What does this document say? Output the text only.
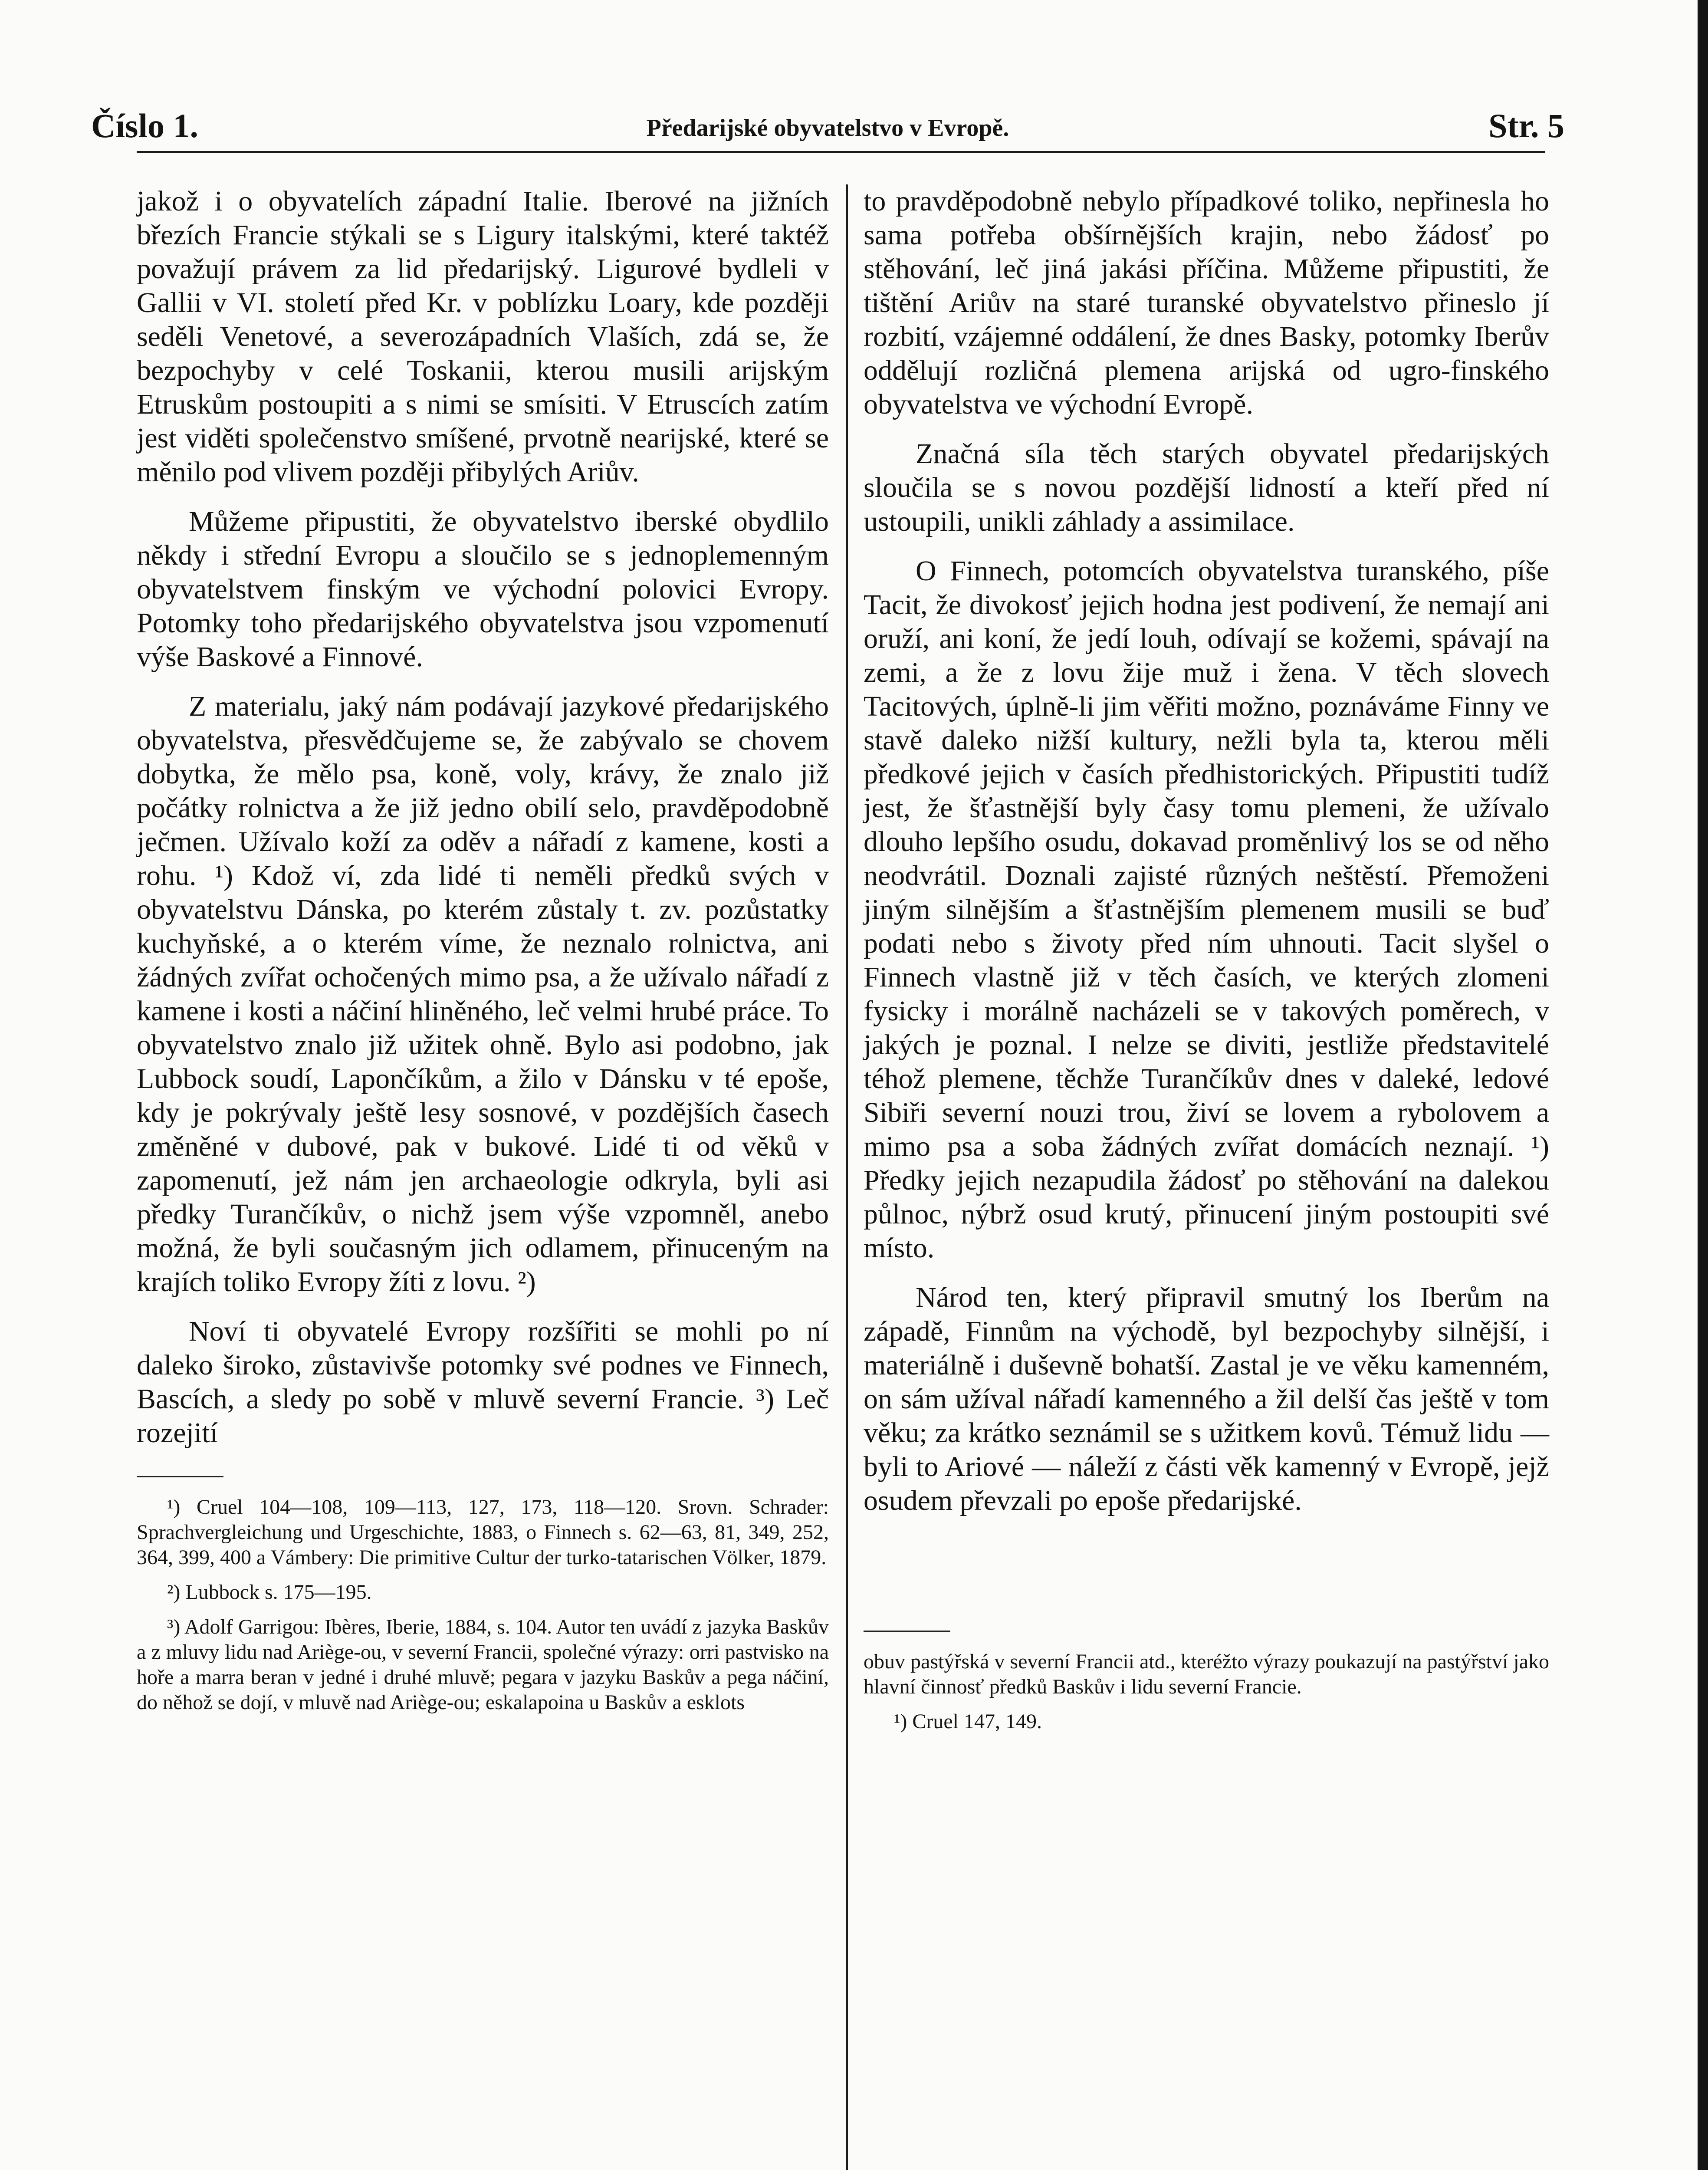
Číslo 1.	Předarijské obyvatelstvo v Evropě.	Str. 5

jakož i o obyvatelích západní Italie. Iberové na jižních březích Francie stýkali se s Ligury italskými, které taktéž považují právem za lid předarijský. Ligurové bydleli v Gallii v VI. století před Kr. v poblízku Loary, kde později seděli Venetové, a severozápadních Vlaších, zdá se, že bezpochyby v celé Toskanii, kterou musili arijským Etruskům postoupiti a s nimi se smísiti. V Etruscích zatím jest viděti společenstvo smíšené, prvotně nearijské, které se měnilo pod vlivem později přibylých Ariův.

Můžeme připustiti, že obyvatelstvo iberské obydlilo někdy i střední Evropu a sloučilo se s jednoplemenným obyvatelstvem finským ve východní polovici Evropy. Potomky toho předarijského obyvatelstva jsou vzpomenutí výše Baskové a Finnové.

Z materialu, jaký nám podávají jazykové předarijského obyvatelstva, přesvědčujeme se, že zabývalo se chovem dobytka, že mělo psa, koně, voly, krávy, že znalo již počátky rolnictva a že již jedno obilí selo, pravděpodobně ječmen. Užívalo koží za oděv a nářadí z kamene, kosti a rohu. ¹) Kdož ví, zda lidé ti neměli předků svých v obyvatelstvu Dánska, po kterém zůstaly t. zv. pozůstatky kuchyňské, a o kterém víme, že neznalo rolnictva, ani žádných zvířat ochočených mimo psa, a že užívalo nářadí z kamene i kosti a náčiní hliněného, leč velmi hrubé práce. To obyvatelstvo znalo již užitek ohně. Bylo asi podobno, jak Lubbock soudí, Lapončíkům, a žilo v Dánsku v té epoše, kdy je pokrývaly ještě lesy sosnové, v pozdějších časech změněné v dubové, pak v bukové. Lidé ti od věků v zapomenutí, jež nám jen archaeologie odkryla, byli asi předky Turančíkův, o nichž jsem výše vzpomněl, anebo možná, že byli současným jich odlamem, přinuceným na krajích toliko Evropy žíti z lovu. ²)

Noví ti obyvatelé Evropy rozšířiti se mohli po ní daleko široko, zůstavivše potomky své podnes ve Finnech, Bascích, a sledy po sobě v mluvě severní Francie. ³) Leč rozejití

¹) Cruel 104—108, 109—113, 127, 173, 118—120. Srovn. Schrader: Sprachvergleichung und Urgeschichte, 1883, o Finnech s. 62—63, 81, 349, 252, 364, 399, 400 a Vámbery: Die primitive Cultur der turko-tatarischen Völker, 1879.

²) Lubbock s. 175—195.

³) Adolf Garrigou: Ibères, Iberie, 1884, s. 104. Autor ten uvádí z jazyka Baskův a z mluvy lidu nad Ariège-ou, v severní Francii, společné výrazy: orri pastvisko na hoře a marra beran v jedné i druhé mluvě; pegara v jazyku Baskův a pega náčiní, do něhož se dojí, v mluvě nad Ariège-ou; eskalapoina u Baskův a esklots

to pravděpodobně nebylo případkové toliko, nepřinesla ho sama potřeba obšírnějších krajin, nebo žádosť po stěhování, leč jiná jakási příčina. Můžeme připustiti, že tištění Ariův na staré turanské obyvatelstvo přineslo jí rozbití, vzájemné oddálení, že dnes Basky, potomky Iberův oddělují rozličná plemena arijská od ugro-finského obyvatelstva ve východní Evropě.

Značná síla těch starých obyvatel předarijských sloučila se s novou pozdější lidností a kteří před ní ustoupili, unikli záhlady a assimilace.

O Finnech, potomcích obyvatelstva turanského, píše Tacit, že divokosť jejich hodna jest podivení, že nemají ani oruží, ani koní, že jedí louh, odívají se kožemi, spávají na zemi, a že z lovu žije muž i žena. V těch slovech Tacitových, úplně-li jim věřiti možno, poznáváme Finny ve stavě daleko nižší kultury, nežli byla ta, kterou měli předkové jejich v časích předhistorických. Připustiti tudíž jest, že šťastnější byly časy tomu plemeni, že užívalo dlouho lepšího osudu, dokavad proměnlivý los se od něho neodvrátil. Doznali zajisté různých neštěstí. Přemoženi jiným silnějším a šťastnějším plemenem musili se buď podati nebo s životy před ním uhnouti. Tacit slyšel o Finnech vlastně již v těch časích, ve kterých zlomeni fysicky i morálně nacházeli se v takových poměrech, v jakých je poznal. I nelze se diviti, jestliže představitelé téhož plemene, těchže Turančíkův dnes v daleké, ledové Sibiři severní nouzi trou, živí se lovem a rybolovem a mimo psa a soba žádných zvířat domácích neznají. ¹) Předky jejich nezapudila žádosť po stěhování na dalekou půlnoc, nýbrž osud krutý, přinucení jiným postoupiti své místo.

Národ ten, který připravil smutný los Iberům na západě, Finnům na východě, byl bezpochyby silnější, i materiálně i duševně bohatší. Zastal je ve věku kamenném, on sám užíval nářadí kamenného a žil delší čas ještě v tom věku; za krátko seznámil se s užitkem kovů. Témuž lidu — byli to Ariové — náleží z části věk kamenný v Evropě, jejž osudem převzali po epoše předarijské.

obuv pastýřská v severní Francii atd., kteréžto výrazy poukazují na pastýřství jako hlavní činnosť předků Baskův i lidu severní Francie.

¹) Cruel 147, 149.
